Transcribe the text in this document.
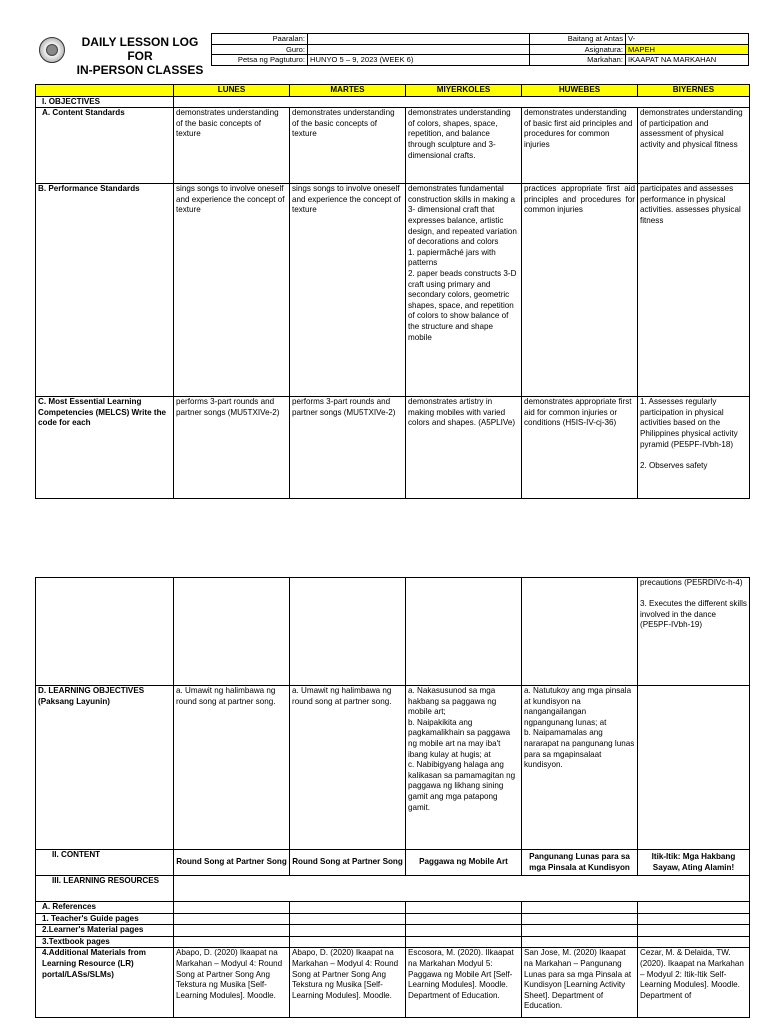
DAILY LESSON LOG FOR
IN-PERSON CLASSES

Paaralan:		Baitang at Antas	V-
Guro:		Asignatura:	MAPEH
Petsa ng Pagtuturo:	HUNYO 5 – 9, 2023 (WEEK 6)	Markahan:	IKAAPAT NA MARKAHAN
	LUNES	MARTES	MIYERKOLES	HUWEBES	BIYERNES
I. OBJECTIVES					
A. Content Standards	demonstrates understanding of the basic concepts of texture	demonstrates understanding of the basic concepts of texture	demonstrates understanding of colors, shapes, space, repetition, and balance through sculpture and 3-dimensional crafts.	demonstrates understanding of basic first aid principles and procedures for common injuries	demonstrates understanding of participation and assessment of physical activity and physical fitness
B. Performance Standards	sings songs to involve oneself and experience the concept of texture	sings songs to involve oneself and experience the concept of texture	demonstrates fundamental construction skills in making a 3- dimensional craft that expresses balance, artistic design, and repeated variation of decorations and colors
1. papiermâché jars with patterns
2. paper beads constructs 3-D craft using primary and secondary colors, geometric shapes, space, and repetition of colors to show balance of the structure and shape mobile	practices appropriate first aid principles and procedures for common injuries	participates and assesses performance in physical activities. assesses physical fitness
C. Most Essential Learning Competencies (MELCS) Write the code for each	performs 3-part rounds and partner songs (MU5TXIVe-2)	performs 3-part rounds and partner songs (MU5TXIVe-2)	demonstrates artistry in making mobiles with varied colors and shapes. (A5PLIVe)	demonstrates appropriate first aid for common injuries or conditions (H5IS-IV-cj-36)	1. Assesses regularly participation in physical activities based on the Philippines physical activity pyramid (PE5PF-IVbh-18)

2. Observes safety
					precautions (PE5RDIVc-h-4)

3. Executes the different skills involved in the dance (PE5PF-IVbh-19)
D. LEARNING OBJECTIVES (Paksang Layunin)	a. Umawit ng halimbawa ng round song at partner song.	a. Umawit ng halimbawa ng round song at partner song.	a. Nakasusunod sa mga hakbang sa paggawa ng mobile art;
b. Naipakikita ang pagkamalikhain sa paggawa ng mobile art na may iba't ibang kulay at hugis; at
c. Nabibigyang halaga ang kalikasan sa pamamagitan ng paggawa ng likhang sining gamit ang mga patapong gamit.	a. Natutukoy ang mga pinsala at kundisyon na nangangailangan ngpangunang lunas; at
b. Naipamamalas ang nararapat na pangunang lunas para sa mgapinsalaat kundisyon.	
II. CONTENT	Round Song at Partner Song	Round Song at Partner Song	Paggawa ng Mobile Art	Pangunang Lunas para sa mga Pinsala at Kundisyon	Itik-Itik: Mga Hakbang Sayaw, Ating Alamin!
III. LEARNING RESOURCES					
A. References					
1. Teacher's Guide pages					
2.Learner's Material pages					
3.Textbook pages					
4.Additional Materials from Learning Resource (LR) portal/LASs/SLMs)	Abapo, D. (2020) Ikaapat na Markahan – Modyul 4: Round Song at Partner Song Ang Tekstura ng Musika [Self-Learning Modules]. Moodle.	Abapo, D. (2020) Ikaapat na Markahan – Modyul 4: Round Song at Partner Song Ang Tekstura ng Musika [Self-Learning Modules]. Moodle.	Escosora, M. (2020). Ilkaapat na Markahan Modyul 5: Paggawa ng Mobile Art [Self-Learning Modules]. Moodle. Department of Education.	San Jose, M. (2020) Ikaapat na Markahan – Pangunang Lunas para sa mga Pinsala at Kundisyon [Learning Activity Sheet]. Department of Education.	Cezar, M. & Delaida, TW. (2020). Ikaapat na Markahan – Modyul 2: Itik-Itik Self-Learning Modules]. Moodle. Department of
